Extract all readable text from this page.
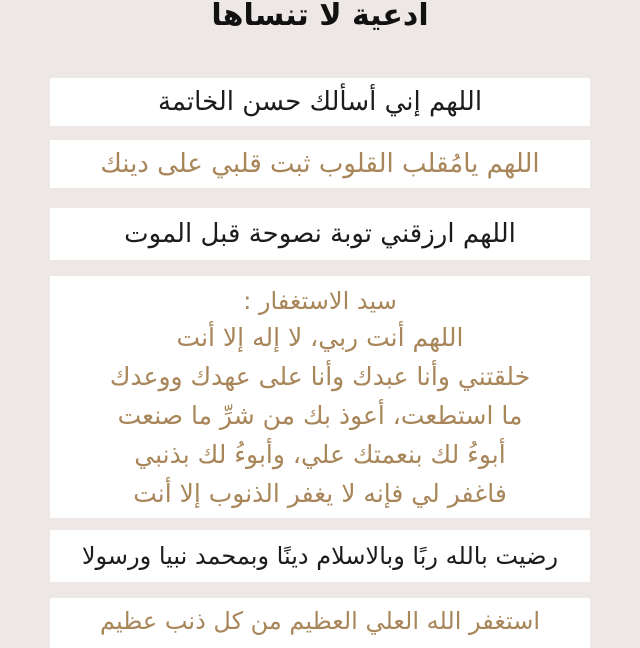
ادعية لا تنساها
اللهم إني أسألك حسن الخاتمة
اللهم يامُقلب القلوب ثبت قلبي على دينك
اللهم ارزقني توبة نصوحة قبل الموت
سيد الاستغفار :
اللهم أنت ربي، لا إله إلا أنت
خلقتني وأنا عبدك وأنا على عهدك ووعدك
ما استطعت، أعوذ بك من شرِّ ما صنعت
أبوءُ لك بنعمتك علي، وأبوءُ لك بذنبي
فاغفر لي فإنه لا يغفر الذنوب إلا أنت
رضيت بالله ربًا وبالاسلام دينًا وبمحمد نبيا ورسولا
استغفر الله العلي العظيم من كل ذنب عظيم
